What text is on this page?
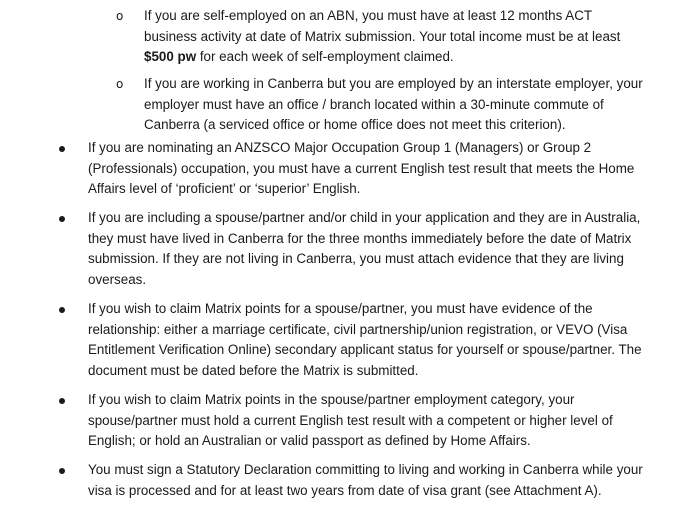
o If you are self-employed on an ABN, you must have at least 12 months ACT business activity at date of Matrix submission. Your total income must be at least $500 pw for each week of self-employment claimed.
o If you are working in Canberra but you are employed by an interstate employer, your employer must have an office / branch located within a 30-minute commute of Canberra (a serviced office or home office does not meet this criterion).
If you are nominating an ANZSCO Major Occupation Group 1 (Managers) or Group 2 (Professionals) occupation, you must have a current English test result that meets the Home Affairs level of ‘proficient’ or ‘superior’ English.
If you are including a spouse/partner and/or child in your application and they are in Australia, they must have lived in Canberra for the three months immediately before the date of Matrix submission. If they are not living in Canberra, you must attach evidence that they are living overseas.
If you wish to claim Matrix points for a spouse/partner, you must have evidence of the relationship: either a marriage certificate, civil partnership/union registration, or VEVO (Visa Entitlement Verification Online) secondary applicant status for yourself or spouse/partner. The document must be dated before the Matrix is submitted.
If you wish to claim Matrix points in the spouse/partner employment category, your spouse/partner must hold a current English test result with a competent or higher level of English; or hold an Australian or valid passport as defined by Home Affairs.
You must sign a Statutory Declaration committing to living and working in Canberra while your visa is processed and for at least two years from date of visa grant (see Attachment A).
